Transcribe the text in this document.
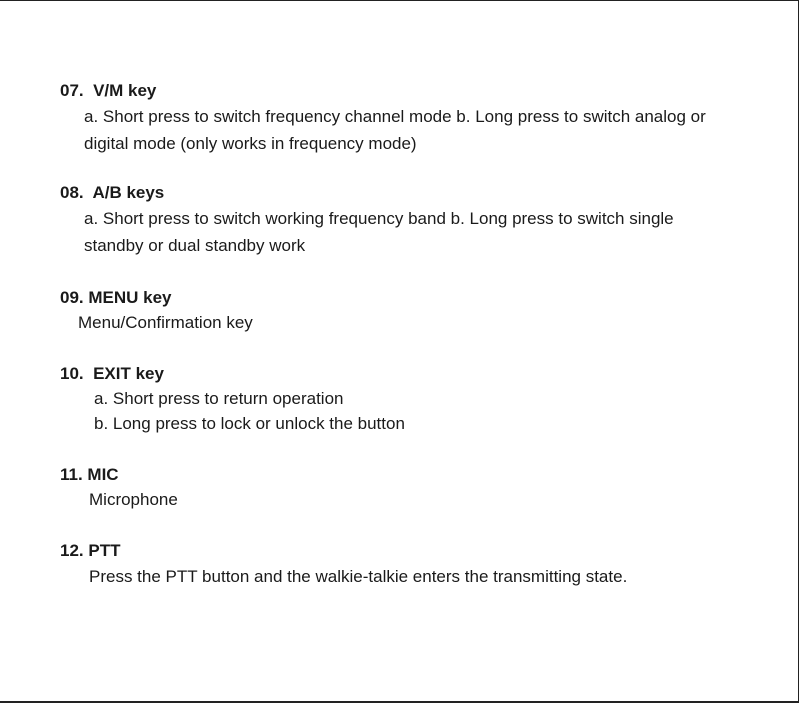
07.  V/M key
a. Short press to switch frequency channel mode b. Long press to switch analog or
digital mode (only works in frequency mode)
08.  A/B keys
a. Short press to switch working frequency band b. Long press to switch single
standby or dual standby work
09. MENU key
Menu/Confirmation key
10.  EXIT key
a. Short press to return operation
b. Long press to lock or unlock the button
11. MIC
Microphone
12. PTT
Press the PTT button and the walkie-talkie enters the transmitting state.
